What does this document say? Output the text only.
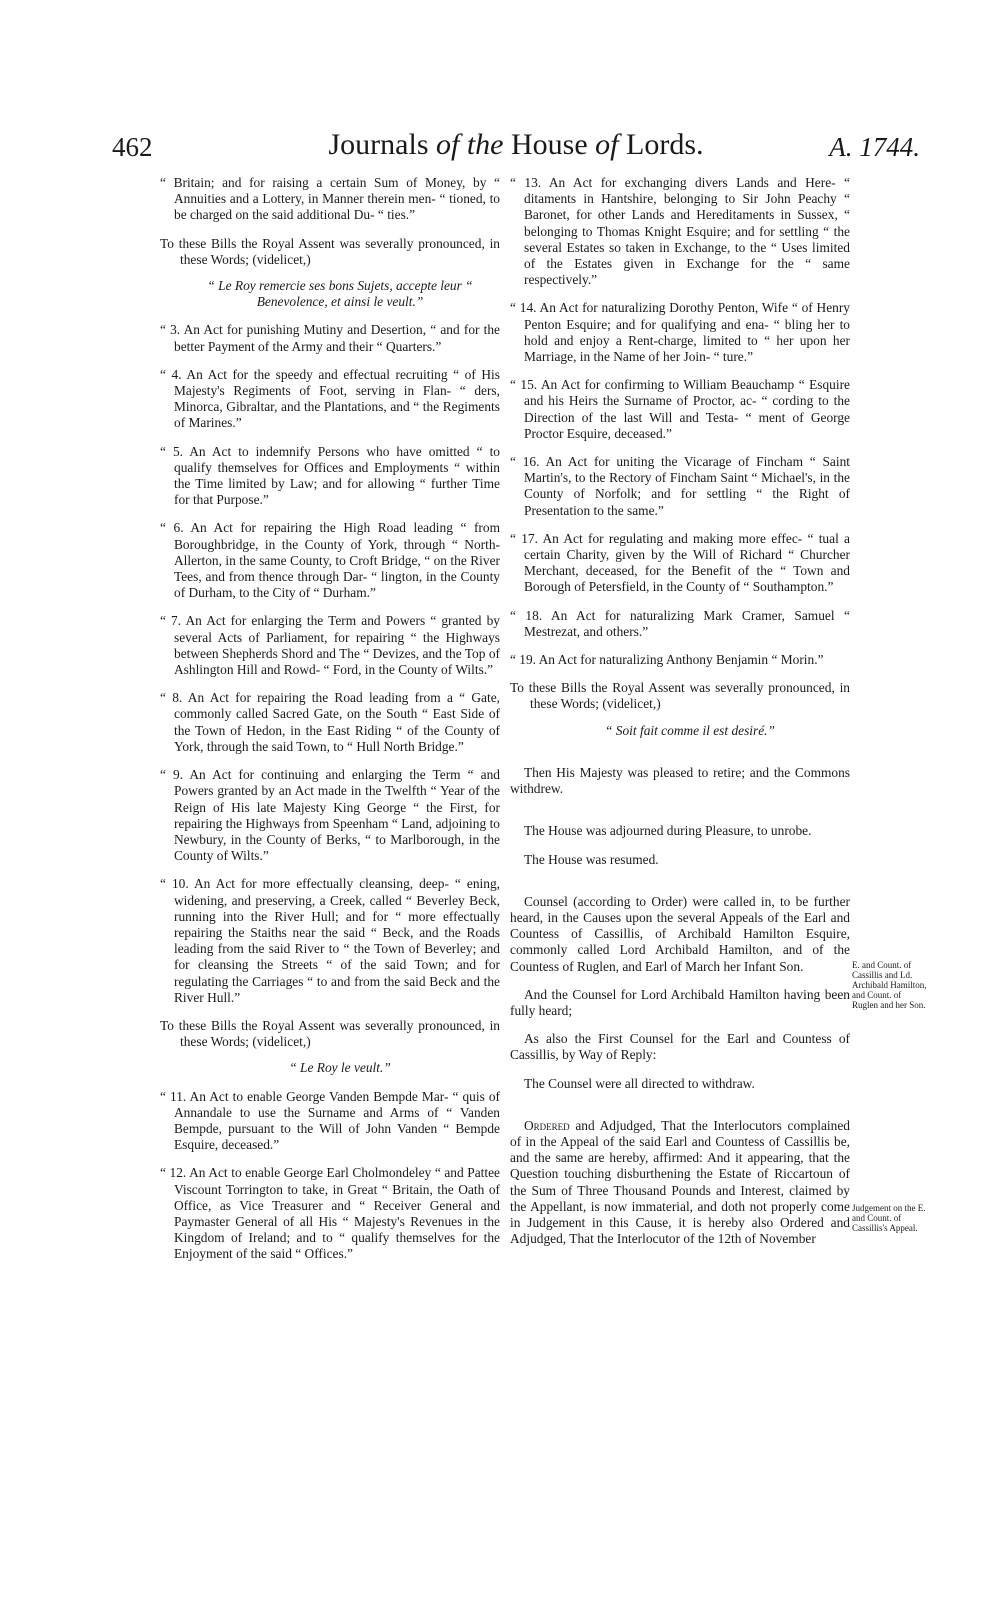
462	Journals of the House of Lords.	A. 1744.

“ Britain; and for raising a certain Sum of Money, by “ Annuities and a Lottery, in Manner therein men- “ tioned, to be charged on the said additional Du- “ ties.”

To these Bills the Royal Assent was severally pronounced, in these Words; (videlicet,)

“ Le Roy remercie ses bons Sujets, accepte leur “ Benevolence, et ainsi le veult.”

“ 3. An Act for punishing Mutiny and Desertion, “ and for the better Payment of the Army and their “ Quarters.”

“ 4. An Act for the speedy and effectual recruiting “ of His Majesty's Regiments of Foot, serving in Flan- “ ders, Minorca, Gibraltar, and the Plantations, and “ the Regiments of Marines.”

“ 5. An Act to indemnify Persons who have omitted “ to qualify themselves for Offices and Employments “ within the Time limited by Law; and for allowing “ further Time for that Purpose.”

“ 6. An Act for repairing the High Road leading “ from Boroughbridge, in the County of York, through “ North-Allerton, in the same County, to Croft Bridge, “ on the River Tees, and from thence through Dar- “ lington, in the County of Durham, to the City of “ Durham.”

“ 7. An Act for enlarging the Term and Powers “ granted by several Acts of Parliament, for repairing “ the Highways between Shepherds Shord and The “ Devizes, and the Top of Ashlington Hill and Rowd- “ Ford, in the County of Wilts.”

“ 8. An Act for repairing the Road leading from a “ Gate, commonly called Sacred Gate, on the South “ East Side of the Town of Hedon, in the East Riding “ of the County of York, through the said Town, to “ Hull North Bridge.”

“ 9. An Act for continuing and enlarging the Term “ and Powers granted by an Act made in the Twelfth “ Year of the Reign of His late Majesty King George “ the First, for repairing the Highways from Speenham “ Land, adjoining to Newbury, in the County of Berks, “ to Marlborough, in the County of Wilts.”

“ 10. An Act for more effectually cleansing, deep- “ ening, widening, and preserving, a Creek, called “ Beverley Beck, running into the River Hull; and for “ more effectually repairing the Staiths near the said “ Beck, and the Roads leading from the said River to “ the Town of Beverley; and for cleansing the Streets “ of the said Town; and for regulating the Carriages “ to and from the said Beck and the River Hull.”

To these Bills the Royal Assent was severally pronounced, in these Words; (videlicet,)

“ Le Roy le veult.”

“ 11. An Act to enable George Vanden Bempde Mar- “ quis of Annandale to use the Surname and Arms of “ Vanden Bempde, pursuant to the Will of John Vanden “ Bempde Esquire, deceased.”

“ 12. An Act to enable George Earl Cholmondeley “ and Pattee Viscount Torrington to take, in Great “ Britain, the Oath of Office, as Vice Treasurer and “ Receiver General and Paymaster General of all His “ Majesty's Revenues in the Kingdom of Ireland; and to “ qualify themselves for the Enjoyment of the said “ Offices.”

“ 13. An Act for exchanging divers Lands and Here- “ ditaments in Hantshire, belonging to Sir John Peachy “ Baronet, for other Lands and Hereditaments in Sussex, “ belonging to Thomas Knight Esquire; and for settling “ the several Estates so taken in Exchange, to the “ Uses limited of the Estates given in Exchange for the “ same respectively.”

“ 14. An Act for naturalizing Dorothy Penton, Wife “ of Henry Penton Esquire; and for qualifying and ena- “ bling her to hold and enjoy a Rent-charge, limited to “ her upon her Marriage, in the Name of her Join- “ ture.”

“ 15. An Act for confirming to William Beauchamp “ Esquire and his Heirs the Surname of Proctor, ac- “ cording to the Direction of the last Will and Testa- “ ment of George Proctor Esquire, deceased.”

“ 16. An Act for uniting the Vicarage of Fincham “ Saint Martin's, to the Rectory of Fincham Saint “ Michael's, in the County of Norfolk; and for settling “ the Right of Presentation to the same.”

“ 17. An Act for regulating and making more effec- “ tual a certain Charity, given by the Will of Richard “ Churcher Merchant, deceased, for the Benefit of the “ Town and Borough of Petersfield, in the County of “ Southampton.”

“ 18. An Act for naturalizing Mark Cramer, Samuel “ Mestrezat, and others.”

“ 19. An Act for naturalizing Anthony Benjamin “ Morin.”

To these Bills the Royal Assent was severally pronounced, in these Words; (videlicet,)

“ Soit fait comme il est desiré.”

Then His Majesty was pleased to retire; and the Commons withdrew.

The House was adjourned during Pleasure, to unrobe.

The House was resumed.

Counsel (according to Order) were called in, to be further heard, in the Causes upon the several Appeals of the Earl and Countess of Cassillis, of Archibald Hamilton Esquire, commonly called Lord Archibald Hamilton, and of the Countess of Ruglen, and Earl of March her Infant Son.

And the Counsel for Lord Archibald Hamilton having been fully heard;

As also the First Counsel for the Earl and Countess of Cassillis, by Way of Reply:

The Counsel were all directed to withdraw.

Ordered and Adjudged, That the Interlocutors complained of in the Appeal of the said Earl and Countess of Cassillis be, and the same are hereby, affirmed: And it appearing, that the Question touching disburthening the Estate of Riccartoun of the Sum of Three Thousand Pounds and Interest, claimed by the Appellant, is now immaterial, and doth not properly come in Judgement in this Cause, it is hereby also Ordered and Adjudged, That the Interlocutor of the 12th of November

E. and Count. of Cassillis and Ld. Archibald Hamilton, and Count. of Ruglen and her Son.
Judgement on the E. and Count. of Cassillis's Appeal.
